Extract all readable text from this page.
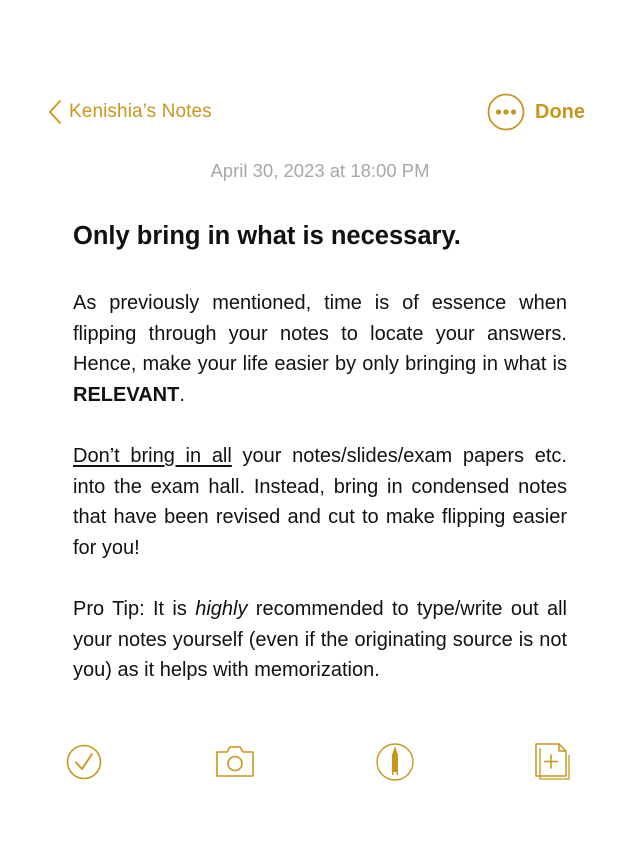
Kenishia’s Notes	Done
April 30, 2023 at 18:00 PM
Only bring in what is necessary.

As previously mentioned, time is of essence when flipping through your notes to locate your answers. Hence, make your life easier by only bringing in what is RELEVANT.

Don’t bring in all your notes/slides/exam papers etc. into the exam hall. Instead, bring in condensed notes that have been revised and cut to make flipping easier for you!

Pro Tip: It is highly recommended to type/write out all your notes yourself (even if the originating source is not you) as it helps with memorization.
